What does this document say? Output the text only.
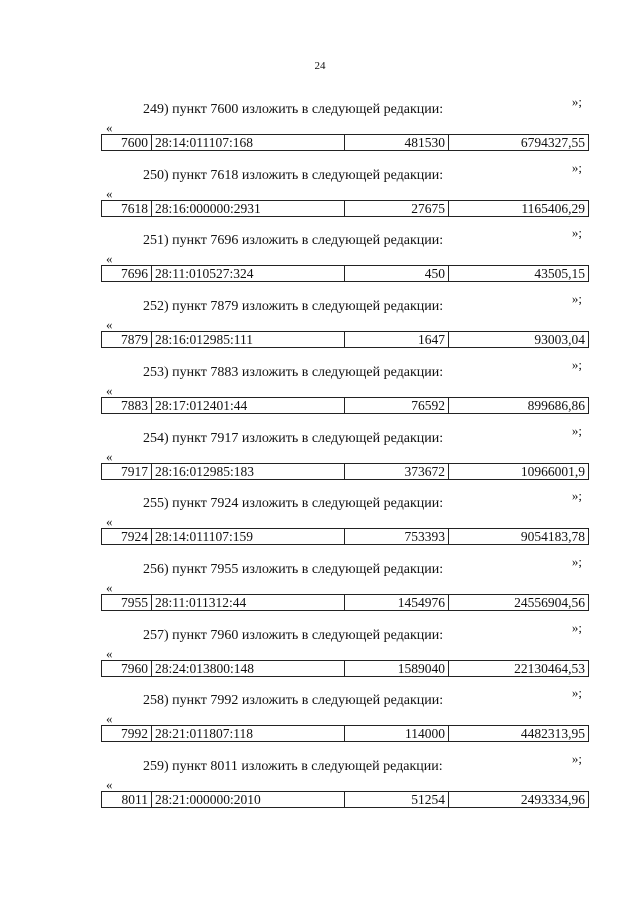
24
»;
249) пункт 7600 изложить в следующей редакции:
«
7600	28:14:011107:168	481530	6794327,55
»;
250) пункт 7618 изложить в следующей редакции:
«
7618	28:16:000000:2931	27675	1165406,29
»;
251) пункт 7696 изложить в следующей редакции:
«
7696	28:11:010527:324	450	43505,15
»;
252) пункт 7879 изложить в следующей редакции:
«
7879	28:16:012985:111	1647	93003,04
»;
253) пункт 7883 изложить в следующей редакции:
«
7883	28:17:012401:44	76592	899686,86
»;
254) пункт 7917 изложить в следующей редакции:
«
7917	28:16:012985:183	373672	10966001,9
»;
255) пункт 7924 изложить в следующей редакции:
«
7924	28:14:011107:159	753393	9054183,78
»;
256) пункт 7955 изложить в следующей редакции:
«
7955	28:11:011312:44	1454976	24556904,56
»;
257) пункт 7960 изложить в следующей редакции:
«
7960	28:24:013800:148	1589040	22130464,53
»;
258) пункт 7992 изложить в следующей редакции:
«
7992	28:21:011807:118	114000	4482313,95
»;
259) пункт 8011 изложить в следующей редакции:
«
8011	28:21:000000:2010	51254	2493334,96
